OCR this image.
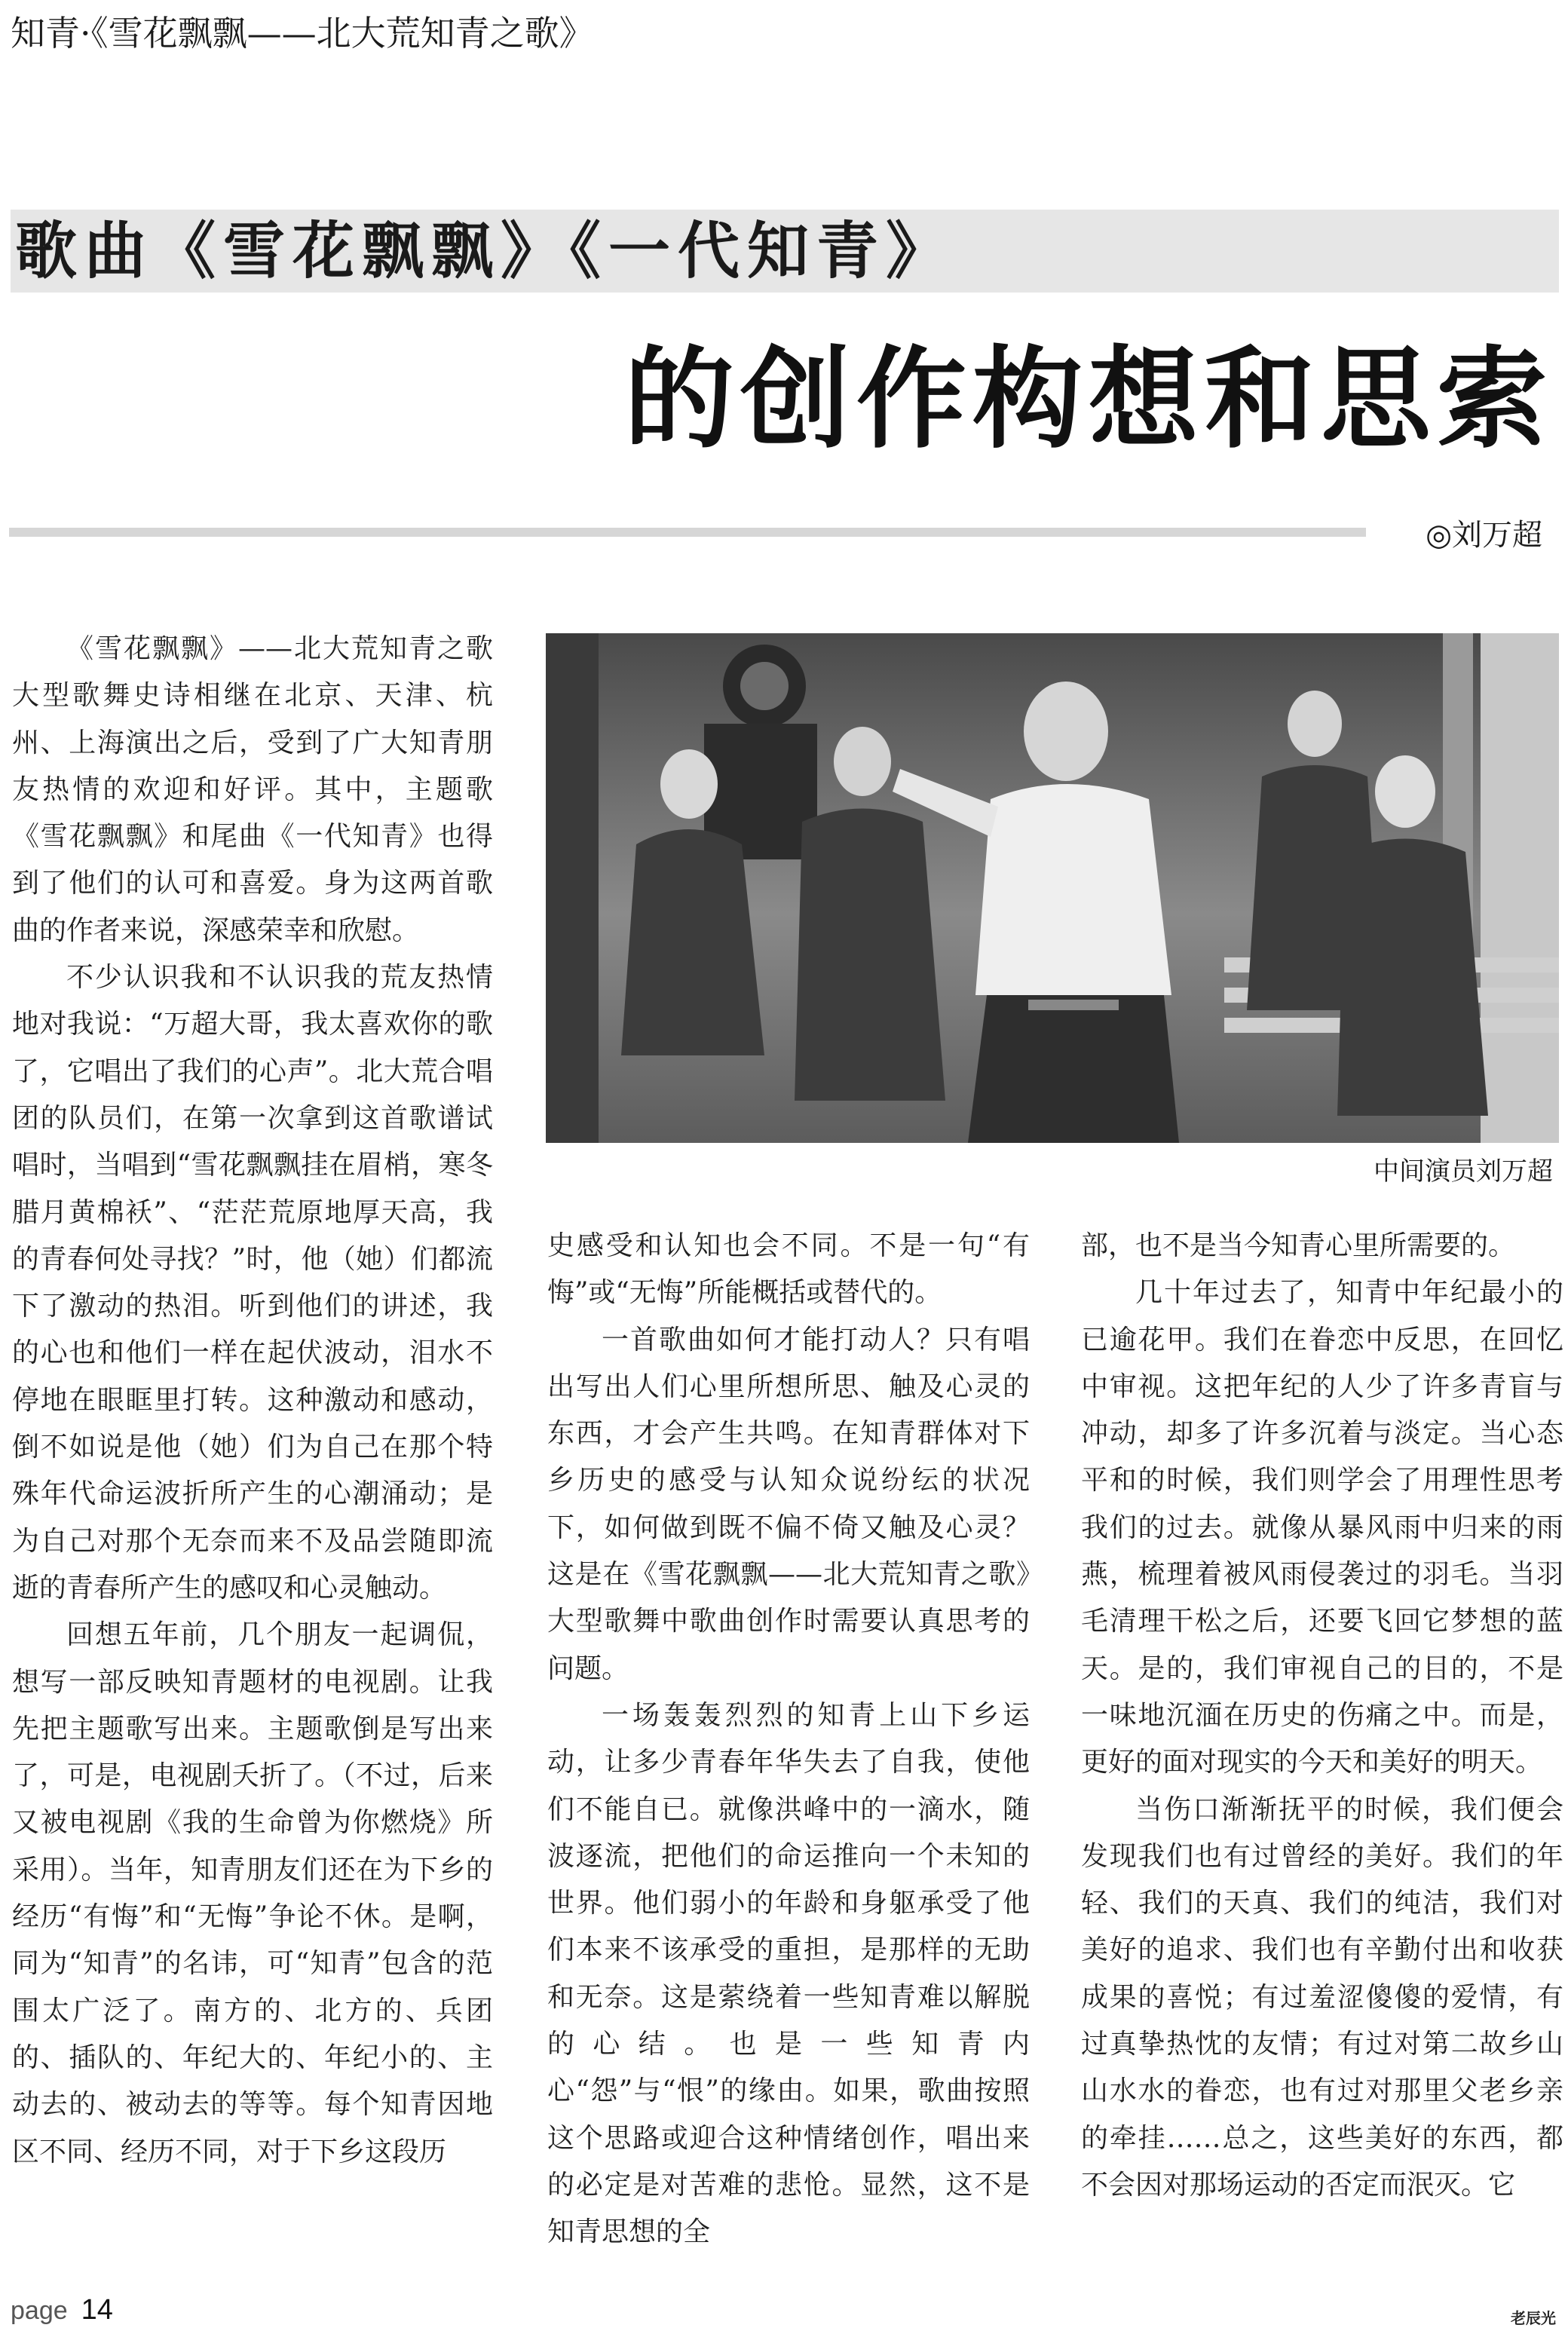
知青·《雪花飘飘——北大荒知青之歌》
歌曲《雪花飘飘》《一代知青》
的创作构想和思索
◎刘万超

《雪花飘飘》——北大荒知青之歌大型歌舞史诗相继在北京、天津、杭州、上海演出之后，受到了广大知青朋友热情的欢迎和好评。其中，主题歌《雪花飘飘》和尾曲《一代知青》也得到了他们的认可和喜爱。身为这两首歌曲的作者来说，深感荣幸和欣慰。

不少认识我和不认识我的荒友热情地对我说：“万超大哥，我太喜欢你的歌了，它唱出了我们的心声”。北大荒合唱团的队员们，在第一次拿到这首歌谱试唱时，当唱到“雪花飘飘挂在眉梢，寒冬腊月黄棉袄”、“茫茫荒原地厚天高，我的青春何处寻找？”时，他（她）们都流下了激动的热泪。听到他们的讲述，我的心也和他们一样在起伏波动，泪水不停地在眼眶里打转。这种激动和感动，倒不如说是他（她）们为自己在那个特殊年代命运波折所产生的心潮涌动；是为自己对那个无奈而来不及品尝随即流逝的青春所产生的感叹和心灵触动。

回想五年前，几个朋友一起调侃，想写一部反映知青题材的电视剧。让我先把主题歌写出来。主题歌倒是写出来了，可是，电视剧夭折了。（不过，后来又被电视剧《我的生命曾为你燃烧》所采用）。当年，知青朋友们还在为下乡的经历“有悔”和“无悔”争论不休。是啊，同为“知青”的名讳，可“知青”包含的范围太广泛了。南方的、北方的、兵团的、插队的、年纪大的、年纪小的、主动去的、被动去的等等。每个知青因地区不同、经历不同，对于下乡这段历

中间演员刘万超

史感受和认知也会不同。不是一句“有悔”或“无悔”所能概括或替代的。

一首歌曲如何才能打动人？只有唱出写出人们心里所想所思、触及心灵的东西，才会产生共鸣。在知青群体对下乡历史的感受与认知众说纷纭的状况下，如何做到既不偏不倚又触及心灵？这是在《雪花飘飘——北大荒知青之歌》大型歌舞中歌曲创作时需要认真思考的问题。

一场轰轰烈烈的知青上山下乡运动，让多少青春年华失去了自我，使他们不能自已。就像洪峰中的一滴水，随波逐流，把他们的命运推向一个未知的世界。他们弱小的年龄和身躯承受了他们本来不该承受的重担，是那样的无助和无奈。这是萦绕着一些知青难以解脱的心结。也是一些知青内心“怨”与“恨”的缘由。如果，歌曲按照这个思路或迎合这种情绪创作，唱出来的必定是对苦难的悲怆。显然，这不是知青思想的全

部，也不是当今知青心里所需要的。

几十年过去了，知青中年纪最小的已逾花甲。我们在眷恋中反思，在回忆中审视。这把年纪的人少了许多青盲与冲动，却多了许多沉着与淡定。当心态平和的时候，我们则学会了用理性思考我们的过去。就像从暴风雨中归来的雨燕，梳理着被风雨侵袭过的羽毛。当羽毛清理干松之后，还要飞回它梦想的蓝天。是的，我们审视自己的目的，不是一味地沉湎在历史的伤痛之中。而是，更好的面对现实的今天和美好的明天。

当伤口渐渐抚平的时候，我们便会发现我们也有过曾经的美好。我们的年轻、我们的天真、我们的纯洁，我们对美好的追求、我们也有辛勤付出和收获成果的喜悦；有过羞涩傻傻的爱情，有过真挚热忱的友情；有过对第二故乡山山水水的眷恋，也有过对那里父老乡亲的牵挂……总之，这些美好的东西，都不会因对那场运动的否定而泯灭。它

page 14	老辰光
